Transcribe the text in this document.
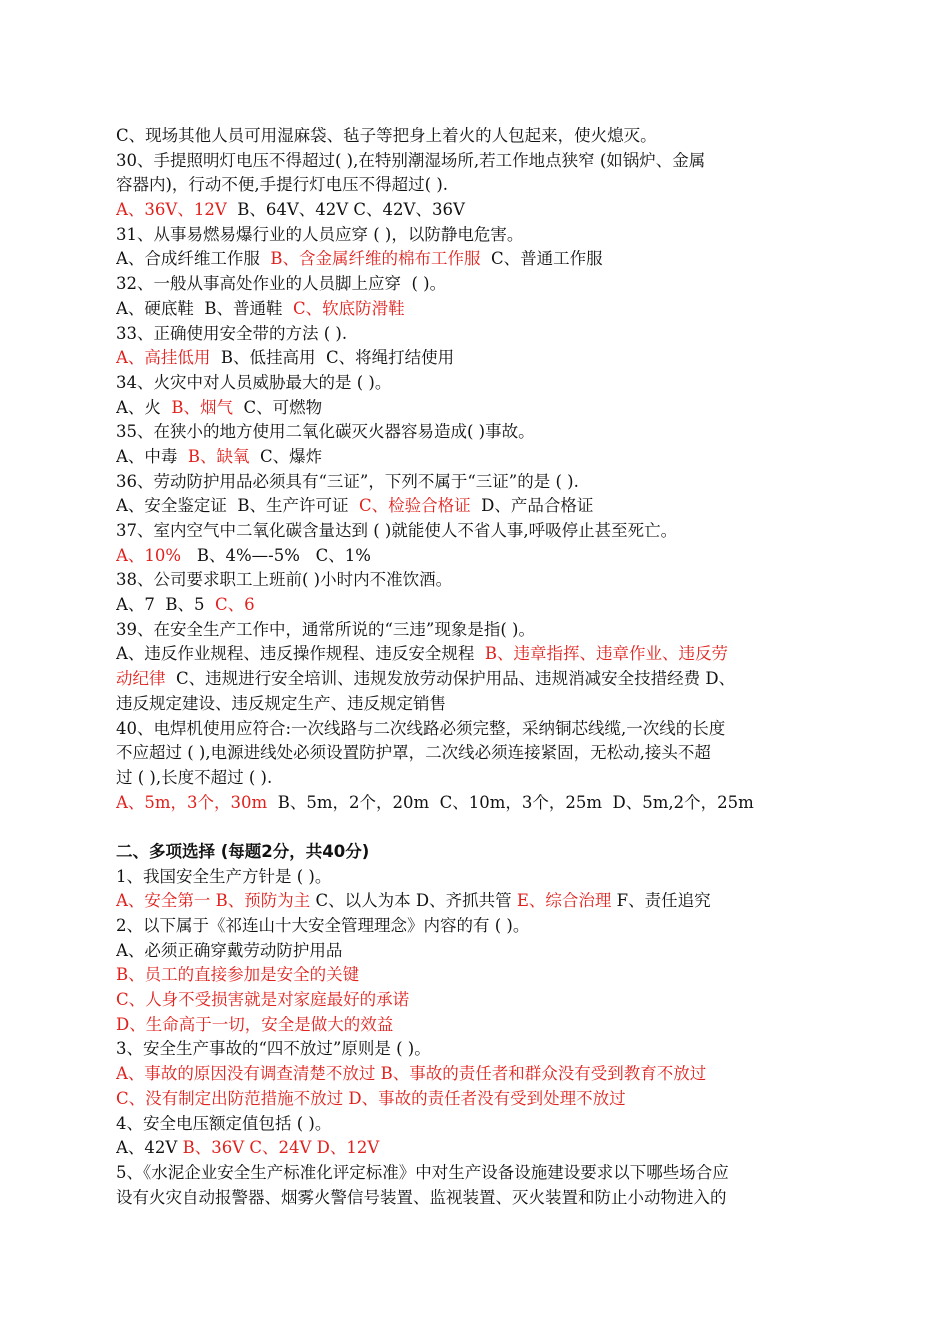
C、现场其他人员可用湿麻袋、毡子等把身上着火的人包起来，使火熄灭。
30、手提照明灯电压不得超过( ),在特别潮湿场所,若工作地点狭窄 (如锅炉、金属
容器内)，行动不便,手提行灯电压不得超过( ).
A、36V、12V  B、64V、42V C、42V、36V
31、从事易燃易爆行业的人员应穿 ( )，以防静电危害。
A、合成纤维工作服  B、含金属纤维的棉布工作服  C、普通工作服
32、一般从事高处作业的人员脚上应穿  ( )。
A、硬底鞋  B、普通鞋  C、软底防滑鞋
33、正确使用安全带的方法 ( ).
A、高挂低用  B、低挂高用  C、将绳打结使用
34、火灾中对人员威胁最大的是 ( )。
A、火  B、烟气  C、可燃物
35、在狭小的地方使用二氧化碳灭火器容易造成( )事故。
A、中毒  B、缺氧  C、爆炸
36、劳动防护用品必须具有“三证”，下列不属于“三证”的是 ( ).
A、安全鉴定证  B、生产许可证  C、检验合格证  D、产品合格证
37、室内空气中二氧化碳含量达到 ( )就能使人不省人事,呼吸停止甚至死亡。
A、10%   B、4%—-5%   C、1%
38、公司要求职工上班前( )小时内不准饮酒。
A、7  B、5  C、6
39、在安全生产工作中，通常所说的“三违”现象是指( )。
A、违反作业规程、违反操作规程、违反安全规程  B、违章指挥、违章作业、违反劳
动纪律  C、违规进行安全培训、违规发放劳动保护用品、违规消减安全技措经费 D、
违反规定建设、违反规定生产、违反规定销售
40、电焊机使用应符合:一次线路与二次线路必须完整，采纳铜芯线缆,一次线的长度
不应超过 ( ),电源进线处必须设置防护罩，二次线必须连接紧固，无松动,接头不超
过 ( ),长度不超过 ( ).
A、5m，3个，30m  B、5m，2个，20m  C、10m，3个，25m  D、5m,2个，25m
二、多项选择 (每题2分，共40分)
1、我国安全生产方针是 ( )。
A、安全第一 B、预防为主 C、以人为本 D、齐抓共管 E、综合治理 F、责任追究
2、以下属于《祁连山十大安全管理理念》内容的有 ( )。
A、必须正确穿戴劳动防护用品
B、员工的直接参加是安全的关键
C、人身不受损害就是对家庭最好的承诺
D、生命高于一切，安全是做大的效益
3、安全生产事故的“四不放过”原则是 ( )。
A、事故的原因没有调查清楚不放过 B、事故的责任者和群众没有受到教育不放过
C、没有制定出防范措施不放过 D、事故的责任者没有受到处理不放过
4、安全电压额定值包括 ( )。
A、42V B、36V C、24V D、12V
5、《水泥企业安全生产标准化评定标准》中对生产设备设施建设要求以下哪些场合应
设有火灾自动报警器、烟雾火警信号装置、监视装置、灭火装置和防止小动物进入的
